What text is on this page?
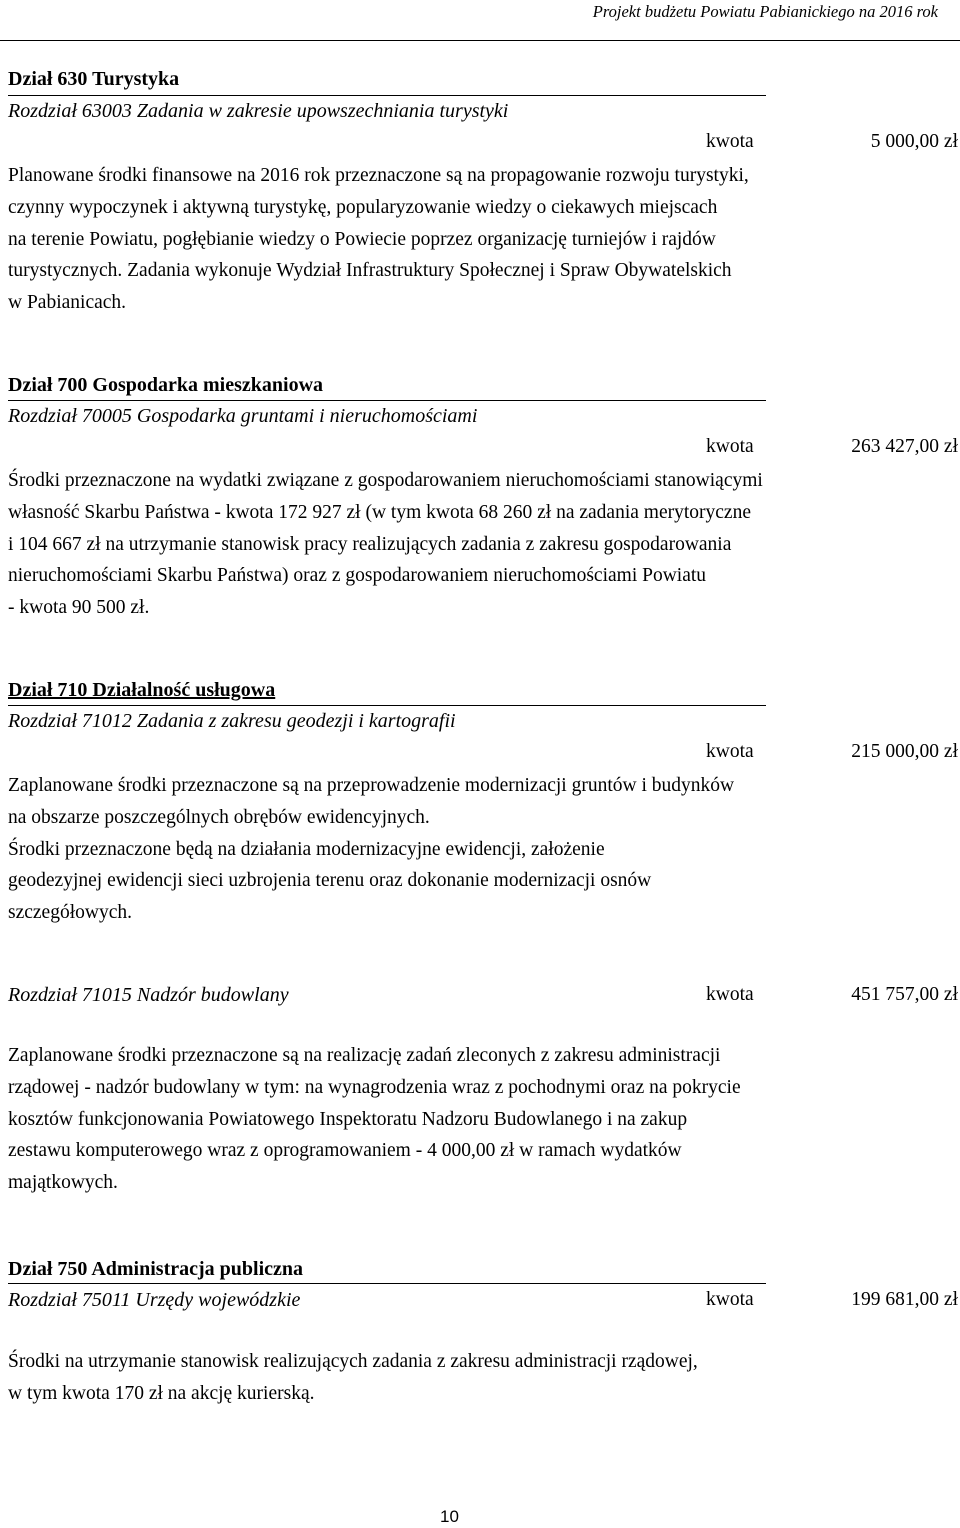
Projekt budżetu Powiatu Pabianickiego na 2016 rok
Dział 630 Turystyka
Rozdział 63003 Zadania w zakresie upowszechniania turystyki
kwota	5 000,00 zł
Planowane środki finansowe na 2016 rok przeznaczone są na propagowanie rozwoju turystyki,
czynny wypoczynek i aktywną turystykę, popularyzowanie wiedzy o ciekawych miejscach
na terenie Powiatu, pogłębianie wiedzy o Powiecie poprzez organizację turniejów i rajdów
turystycznych. Zadania wykonuje Wydział Infrastruktury Społecznej i Spraw Obywatelskich
w Pabianicach.
Dział 700 Gospodarka mieszkaniowa
Rozdział 70005 Gospodarka gruntami i nieruchomościami
kwota	263 427,00 zł
Środki przeznaczone na wydatki związane z gospodarowaniem nieruchomościami stanowiącymi
własność Skarbu Państwa - kwota 172 927 zł (w tym kwota 68 260 zł na zadania merytoryczne
i 104 667 zł na utrzymanie stanowisk pracy realizujących zadania z zakresu gospodarowania
nieruchomościami Skarbu Państwa) oraz z gospodarowaniem nieruchomościami Powiatu
- kwota 90 500 zł.
Dział 710 Działalność usługowa
Rozdział 71012 Zadania z zakresu geodezji i kartografii
kwota	215 000,00 zł
Zaplanowane środki przeznaczone są na przeprowadzenie modernizacji gruntów i budynków
na obszarze poszczególnych obrębów ewidencyjnych.
Środki przeznaczone będą na działania modernizacyjne ewidencji, założenie
geodezyjnej ewidencji sieci uzbrojenia terenu oraz dokonanie modernizacji osnów
szczegółowych.
Rozdział 71015 Nadzór budowlany	kwota	451 757,00 zł
Zaplanowane środki przeznaczone są na realizację zadań zleconych z zakresu administracji
rządowej - nadzór budowlany w tym: na wynagrodzenia wraz z pochodnymi oraz na pokrycie
kosztów funkcjonowania Powiatowego Inspektoratu Nadzoru Budowlanego i na zakup
zestawu komputerowego wraz z oprogramowaniem - 4 000,00 zł w ramach wydatków
majątkowych.
Dział 750 Administracja publiczna
Rozdział 75011 Urzędy wojewódzkie	kwota	199 681,00 zł
Środki na utrzymanie stanowisk realizujących zadania z zakresu administracji rządowej,
w tym kwota 170 zł na akcję kurierską.
10
